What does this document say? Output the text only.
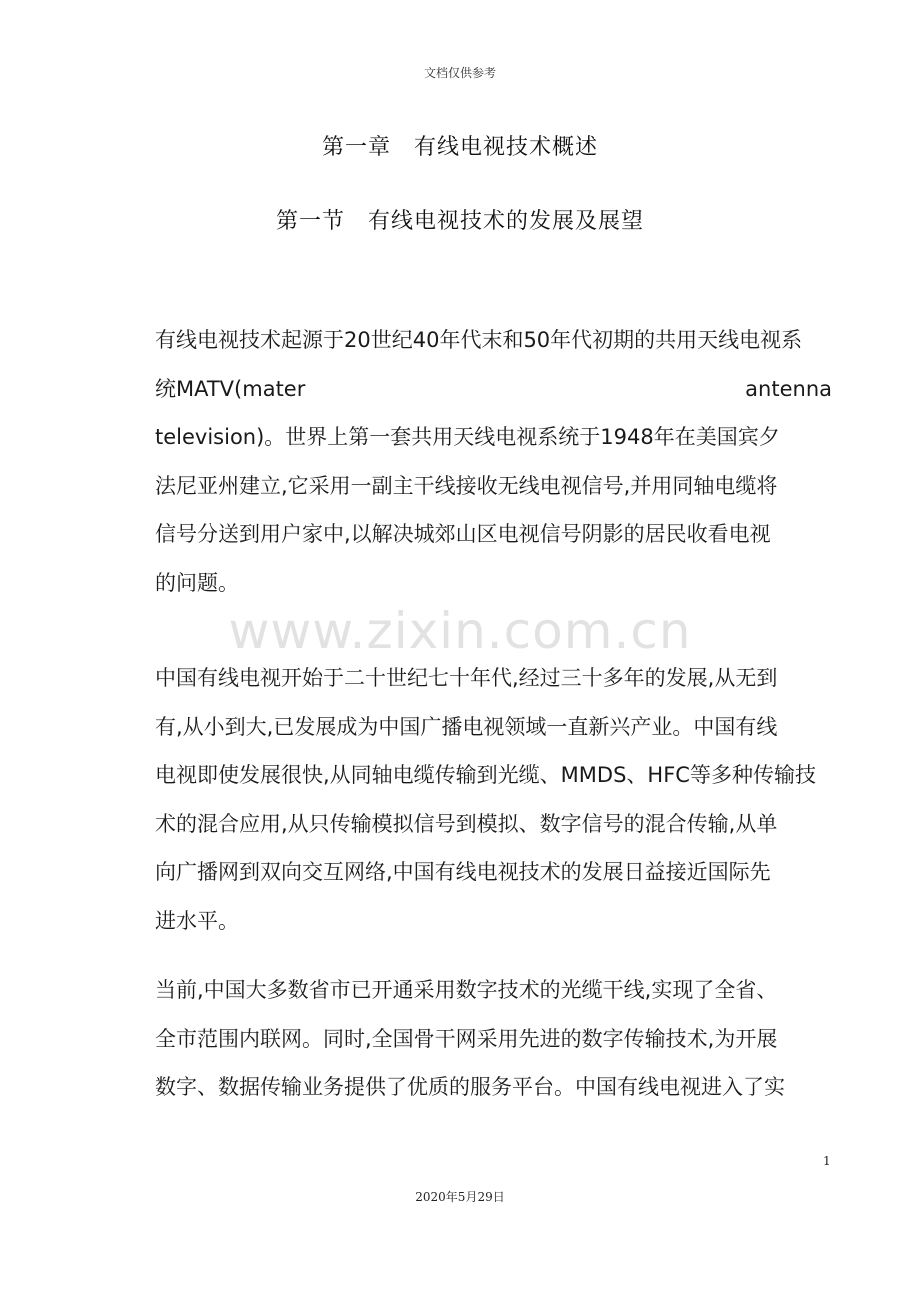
文档仅供参考
第一章　有线电视技术概述
第一节　有线电视技术的发展及展望
有线电视技术起源于20世纪40年代末和50年代初期的共用天线电视系
统MATV(mater	antenna
television)。世界上第一套共用天线电视系统于1948年在美国宾夕
法尼亚州建立,它采用一副主干线接收无线电视信号,并用同轴电缆将
信号分送到用户家中,以解决城郊山区电视信号阴影的居民收看电视
的问题。
www.zixin.com.cn
中国有线电视开始于二十世纪七十年代,经过三十多年的发展,从无到
有,从小到大,已发展成为中国广播电视领域一直新兴产业。中国有线
电视即使发展很快,从同轴电缆传输到光缆、MMDS、HFC等多种传输技
术的混合应用,从只传输模拟信号到模拟、数字信号的混合传输,从单
向广播网到双向交互网络,中国有线电视技术的发展日益接近国际先
进水平。
当前,中国大多数省市已开通采用数字技术的光缆干线,实现了全省、
全市范围内联网。同时,全国骨干网采用先进的数字传输技术,为开展
数字、数据传输业务提供了优质的服务平台。中国有线电视进入了实
1
2020年5月29日
